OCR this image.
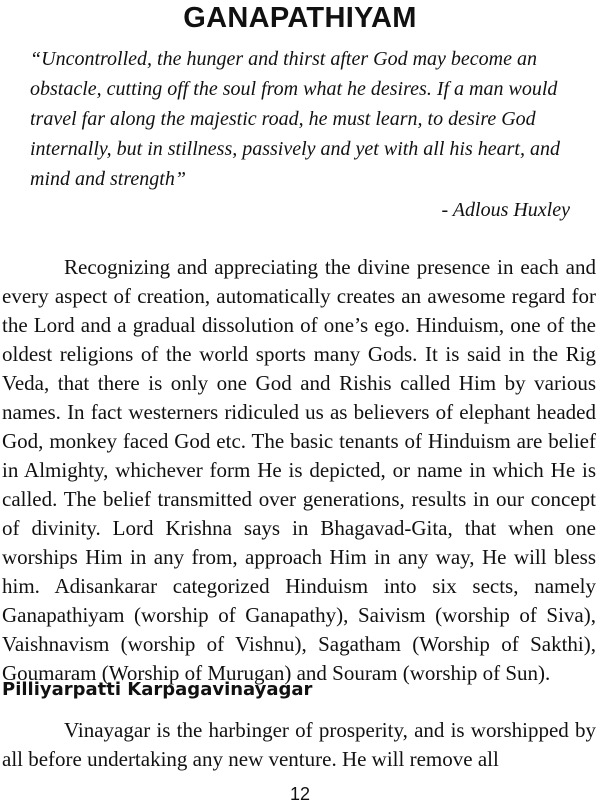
GANAPATHIYAM

“Uncontrolled, the hunger and thirst after God may become an obstacle, cutting off the soul from what he desires. If a man would travel far along the majestic road, he must learn, to desire God internally, but in stillness, passively and yet with all his heart, and mind and strength”

- Adlous Huxley

Recognizing and appreciating the divine presence in each and every aspect of creation, automatically creates an awesome regard for the Lord and a gradual dissolution of one’s ego. Hinduism, one of the oldest religions of the world sports many Gods. It is said in the Rig Veda, that there is only one God and Rishis called Him by various names. In fact westerners ridiculed us as believers of elephant headed God, monkey faced God etc. The basic tenants of Hinduism are belief in Almighty, whichever form He is depicted, or name in which He is called. The belief transmitted over generations, results in our concept of divinity. Lord Krishna says in Bhagavad-Gita, that when one worships Him in any from, approach Him in any way, He will bless him. Adisankarar categorized Hinduism into six sects, namely Ganapathiyam (worship of Ganapathy), Saivism (worship of Siva), Vaishnavism (worship of Vishnu), Sagatham (Worship of Sakthi), Goumaram (Worship of Murugan) and Souram (worship of Sun).

Pilliyarpatti Karpagavinayagar

Vinayagar is the harbinger of prosperity, and is worshipped by all before undertaking any new venture. He will remove all

12
